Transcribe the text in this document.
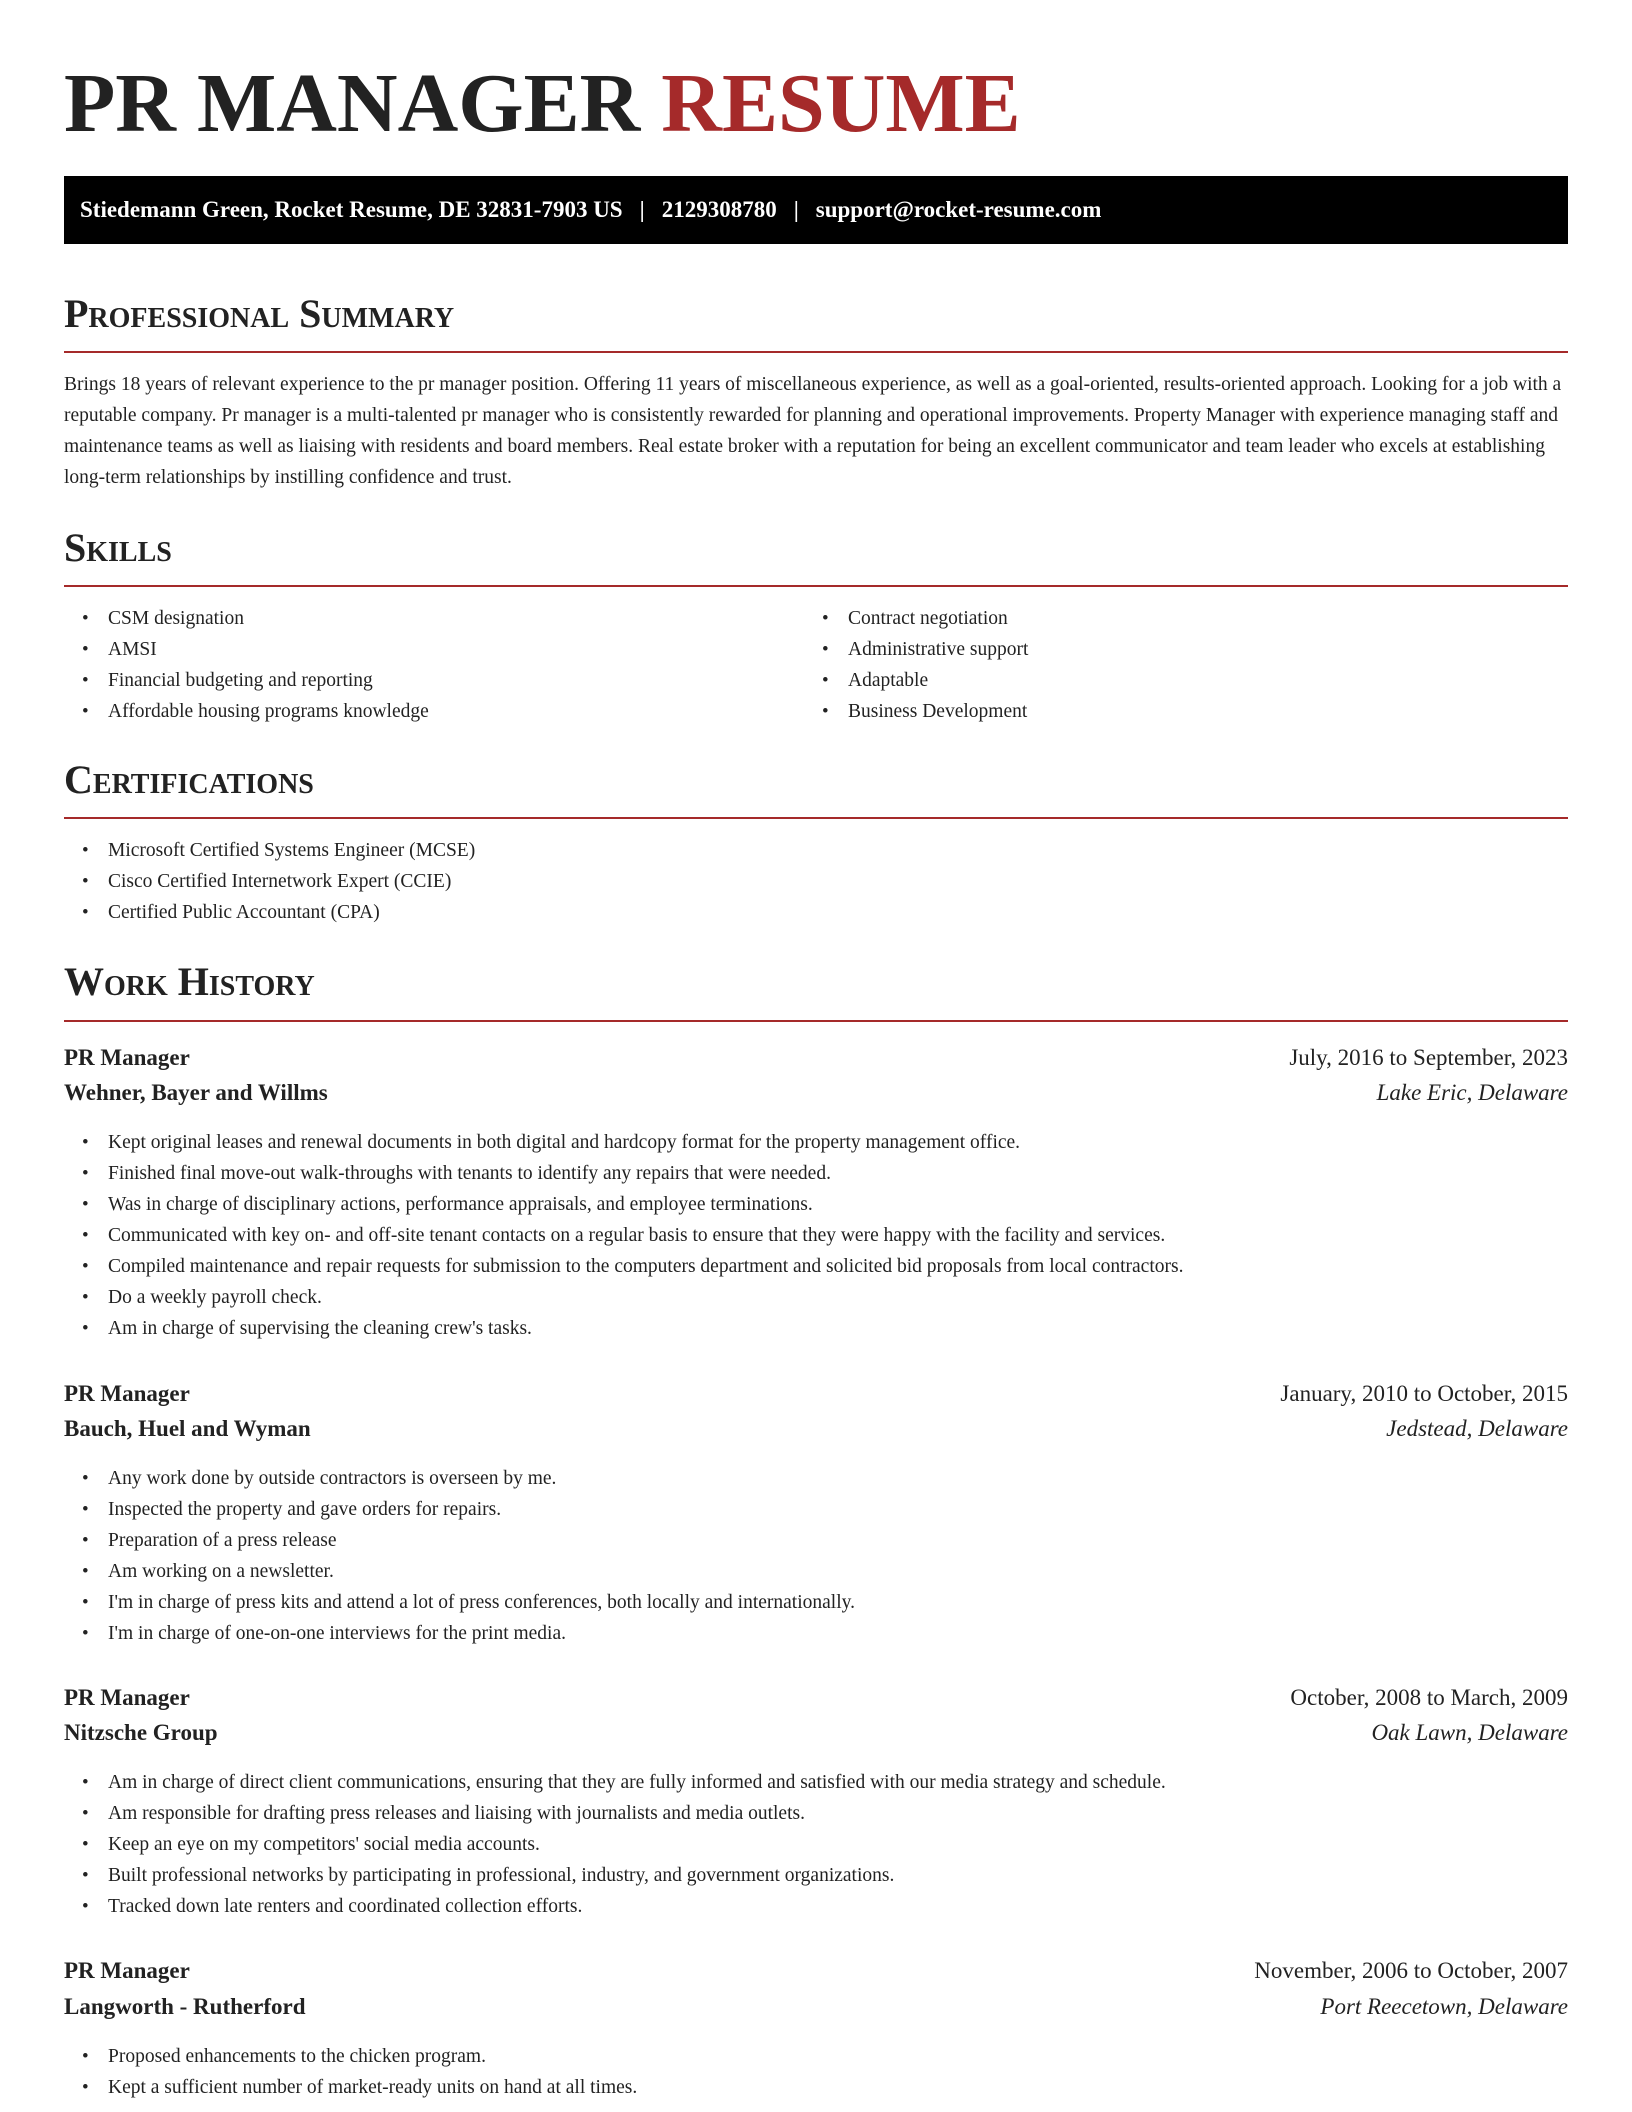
PR MANAGER RESUME
Stiedemann Green, Rocket Resume, DE 32831-7903 US | 2129308780 | support@rocket-resume.com
Professional Summary

Brings 18 years of relevant experience to the pr manager position. Offering 11 years of miscellaneous experience, as well as a goal-oriented, results-oriented approach. Looking for a job with a reputable company. Pr manager is a multi-talented pr manager who is consistently rewarded for planning and operational improvements. Property Manager with experience managing staff and maintenance teams as well as liaising with residents and board members. Real estate broker with a reputation for being an excellent communicator and team leader who excels at establishing long-term relationships by instilling confidence and trust.

Skills
• CSM designation
• AMSI
• Financial budgeting and reporting
• Affordable housing programs knowledge
• Contract negotiation
• Administrative support
• Adaptable
• Business Development
Certifications
• Microsoft Certified Systems Engineer (MCSE)
• Cisco Certified Internetwork Expert (CCIE)
• Certified Public Accountant (CPA)
Work History
PR Manager	July, 2016 to September, 2023
Wehner, Bayer and Willms	Lake Eric, Delaware
• Kept original leases and renewal documents in both digital and hardcopy format for the property management office.
• Finished final move-out walk-throughs with tenants to identify any repairs that were needed.
• Was in charge of disciplinary actions, performance appraisals, and employee terminations.
• Communicated with key on- and off-site tenant contacts on a regular basis to ensure that they were happy with the facility and services.
• Compiled maintenance and repair requests for submission to the computers department and solicited bid proposals from local contractors.
• Do a weekly payroll check.
• Am in charge of supervising the cleaning crew's tasks.
PR Manager	January, 2010 to October, 2015
Bauch, Huel and Wyman	Jedstead, Delaware
• Any work done by outside contractors is overseen by me.
• Inspected the property and gave orders for repairs.
• Preparation of a press release
• Am working on a newsletter.
• I'm in charge of press kits and attend a lot of press conferences, both locally and internationally.
• I'm in charge of one-on-one interviews for the print media.
PR Manager	October, 2008 to March, 2009
Nitzsche Group	Oak Lawn, Delaware
• Am in charge of direct client communications, ensuring that they are fully informed and satisfied with our media strategy and schedule.
• Am responsible for drafting press releases and liaising with journalists and media outlets.
• Keep an eye on my competitors' social media accounts.
• Built professional networks by participating in professional, industry, and government organizations.
• Tracked down late renters and coordinated collection efforts.
PR Manager	November, 2006 to October, 2007
Langworth - Rutherford	Port Reecetown, Delaware
• Proposed enhancements to the chicken program.
• Kept a sufficient number of market-ready units on hand at all times.
